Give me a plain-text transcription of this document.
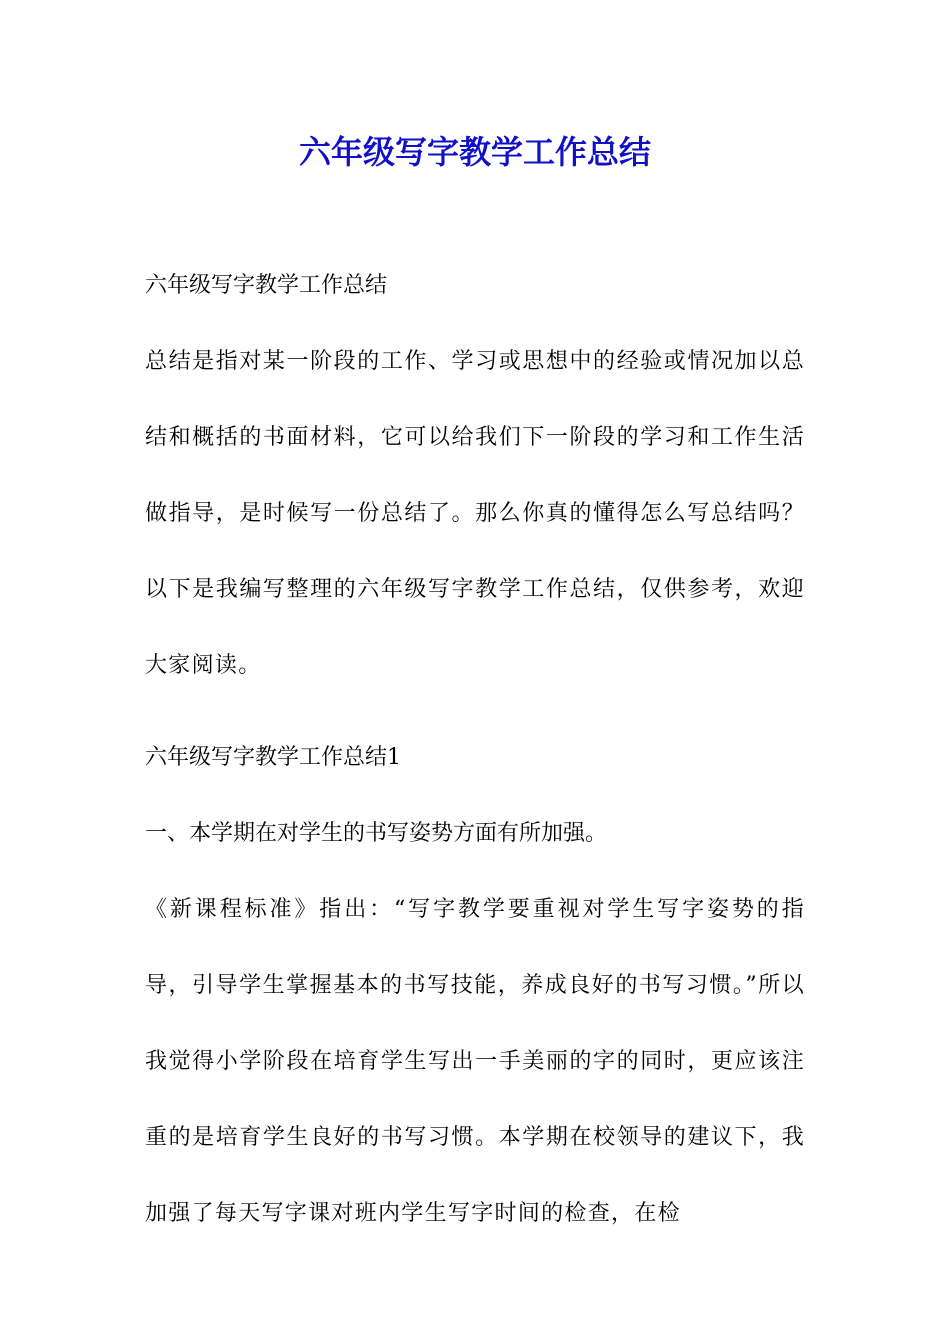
六年级写字教学工作总结

六年级写字教学工作总结

总结是指对某一阶段的工作、学习或思想中的经验或情况加以总结和概括的书面材料，它可以给我们下一阶段的学习和工作生活做指导，是时候写一份总结了。那么你真的懂得怎么写总结吗？以下是我编写整理的六年级写字教学工作总结，仅供参考，欢迎大家阅读。

六年级写字教学工作总结1

一、本学期在对学生的书写姿势方面有所加强。

《新课程标准》指出：“写字教学要重视对学生写字姿势的指导，引导学生掌握基本的书写技能，养成良好的书写习惯。”所以我觉得小学阶段在培育学生写出一手美丽的字的同时，更应该注重的是培育学生良好的书写习惯。本学期在校领导的建议下，我加强了每天写字课对班内学生写字时间的检查，在检
